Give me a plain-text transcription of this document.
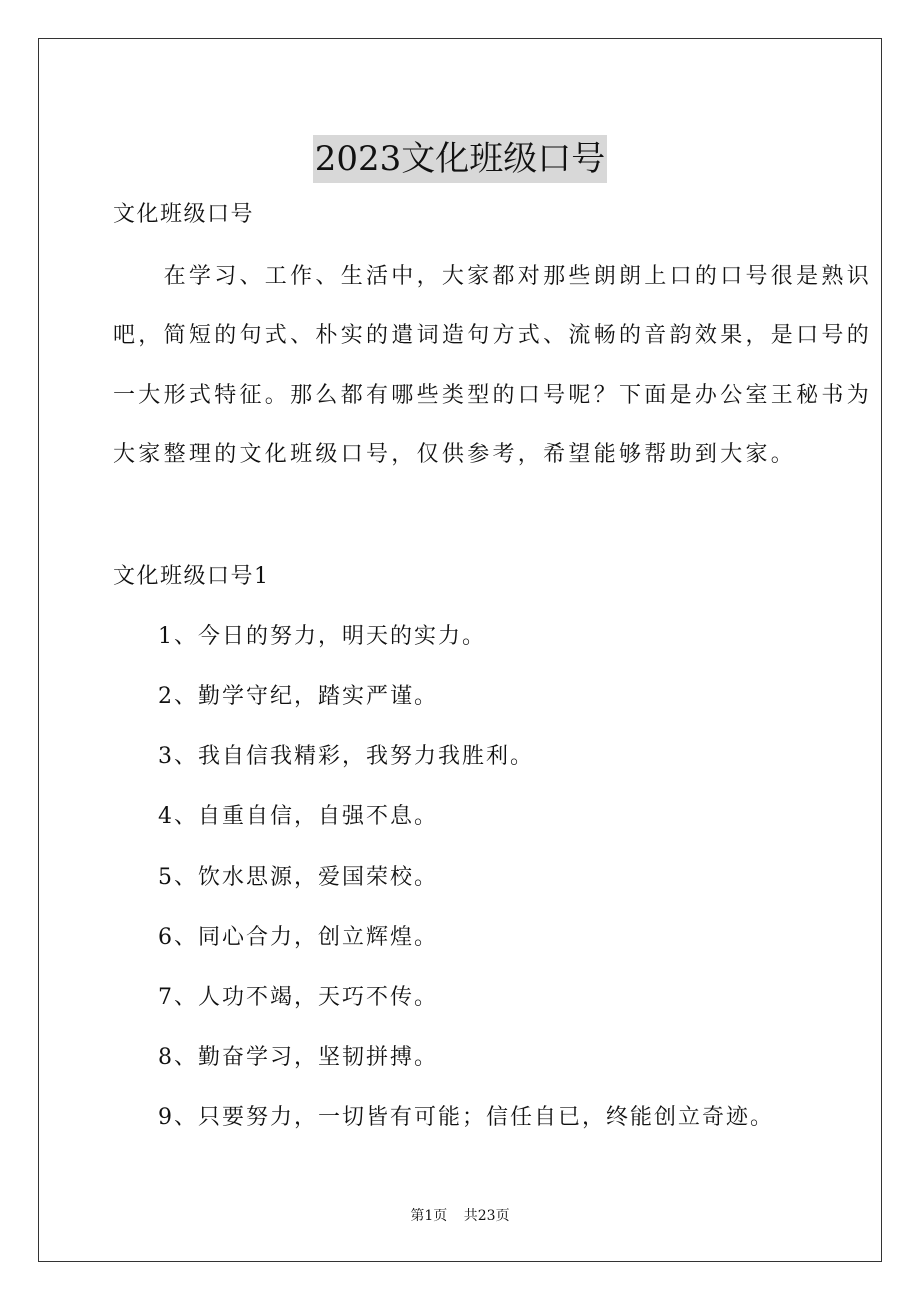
2023文化班级口号
文化班级口号
　　在学习、工作、生活中，大家都对那些朗朗上口的口号很是熟识
吧，简短的句式、朴实的遣词造句方式、流畅的音韵效果，是口号的
一大形式特征。那么都有哪些类型的口号呢？下面是办公室王秘书为
大家整理的文化班级口号，仅供参考，希望能够帮助到大家。
文化班级口号1
1、今日的努力，明天的实力。
2、勤学守纪，踏实严谨。
3、我自信我精彩，我努力我胜利。
4、自重自信，自强不息。
5、饮水思源，爱国荣校。
6、同心合力，创立辉煌。
7、人功不竭，天巧不传。
8、勤奋学习，坚韧拼搏。
9、只要努力，一切皆有可能；信任自已，终能创立奇迹。
第1页 共23页
